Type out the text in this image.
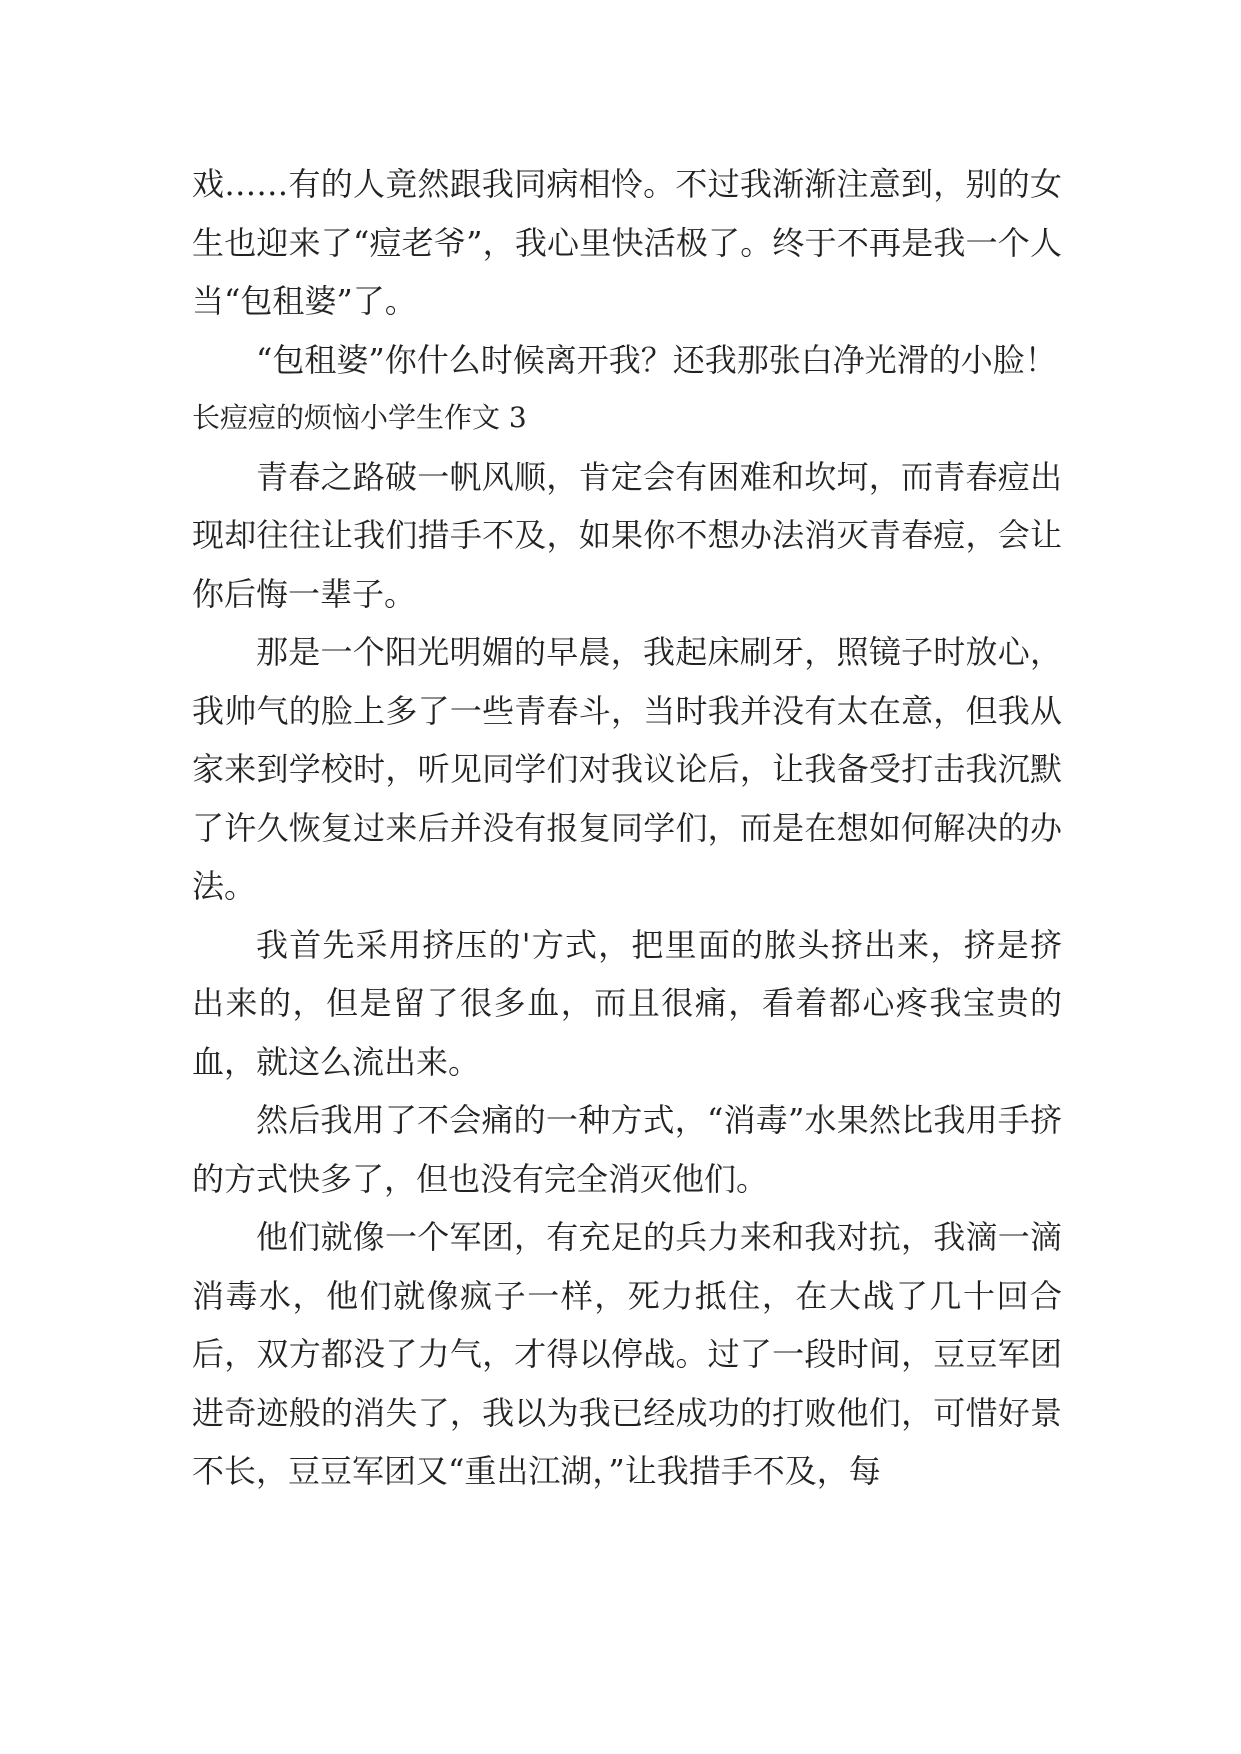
戏……有的人竟然跟我同病相怜。不过我渐渐注意到，别的女生也迎来了“痘老爷”，我心里快活极了。终于不再是我一个人当“包租婆”了。

“包租婆”你什么时候离开我？还我那张白净光滑的小脸！

长痘痘的烦恼小学生作文 3

青春之路破一帆风顺，肯定会有困难和坎坷，而青春痘出现却往往让我们措手不及，如果你不想办法消灭青春痘，会让你后悔一辈子。

那是一个阳光明媚的早晨，我起床刷牙，照镜子时放心，我帅气的脸上多了一些青春斗，当时我并没有太在意，但我从家来到学校时，听见同学们对我议论后，让我备受打击我沉默了许久恢复过来后并没有报复同学们，而是在想如何解决的办法。

我首先采用挤压的'方式，把里面的脓头挤出来，挤是挤出来的，但是留了很多血，而且很痛，看着都心疼我宝贵的血，就这么流出来。

然后我用了不会痛的一种方式，“消毒”水果然比我用手挤的方式快多了，但也没有完全消灭他们。

他们就像一个军团，有充足的兵力来和我对抗，我滴一滴消毒水，他们就像疯子一样，死力抵住，在大战了几十回合后，双方都没了力气，才得以停战。过了一段时间，豆豆军团进奇迹般的消失了，我以为我已经成功的打败他们，可惜好景不长，豆豆军团又“重出江湖，”让我措手不及，每
